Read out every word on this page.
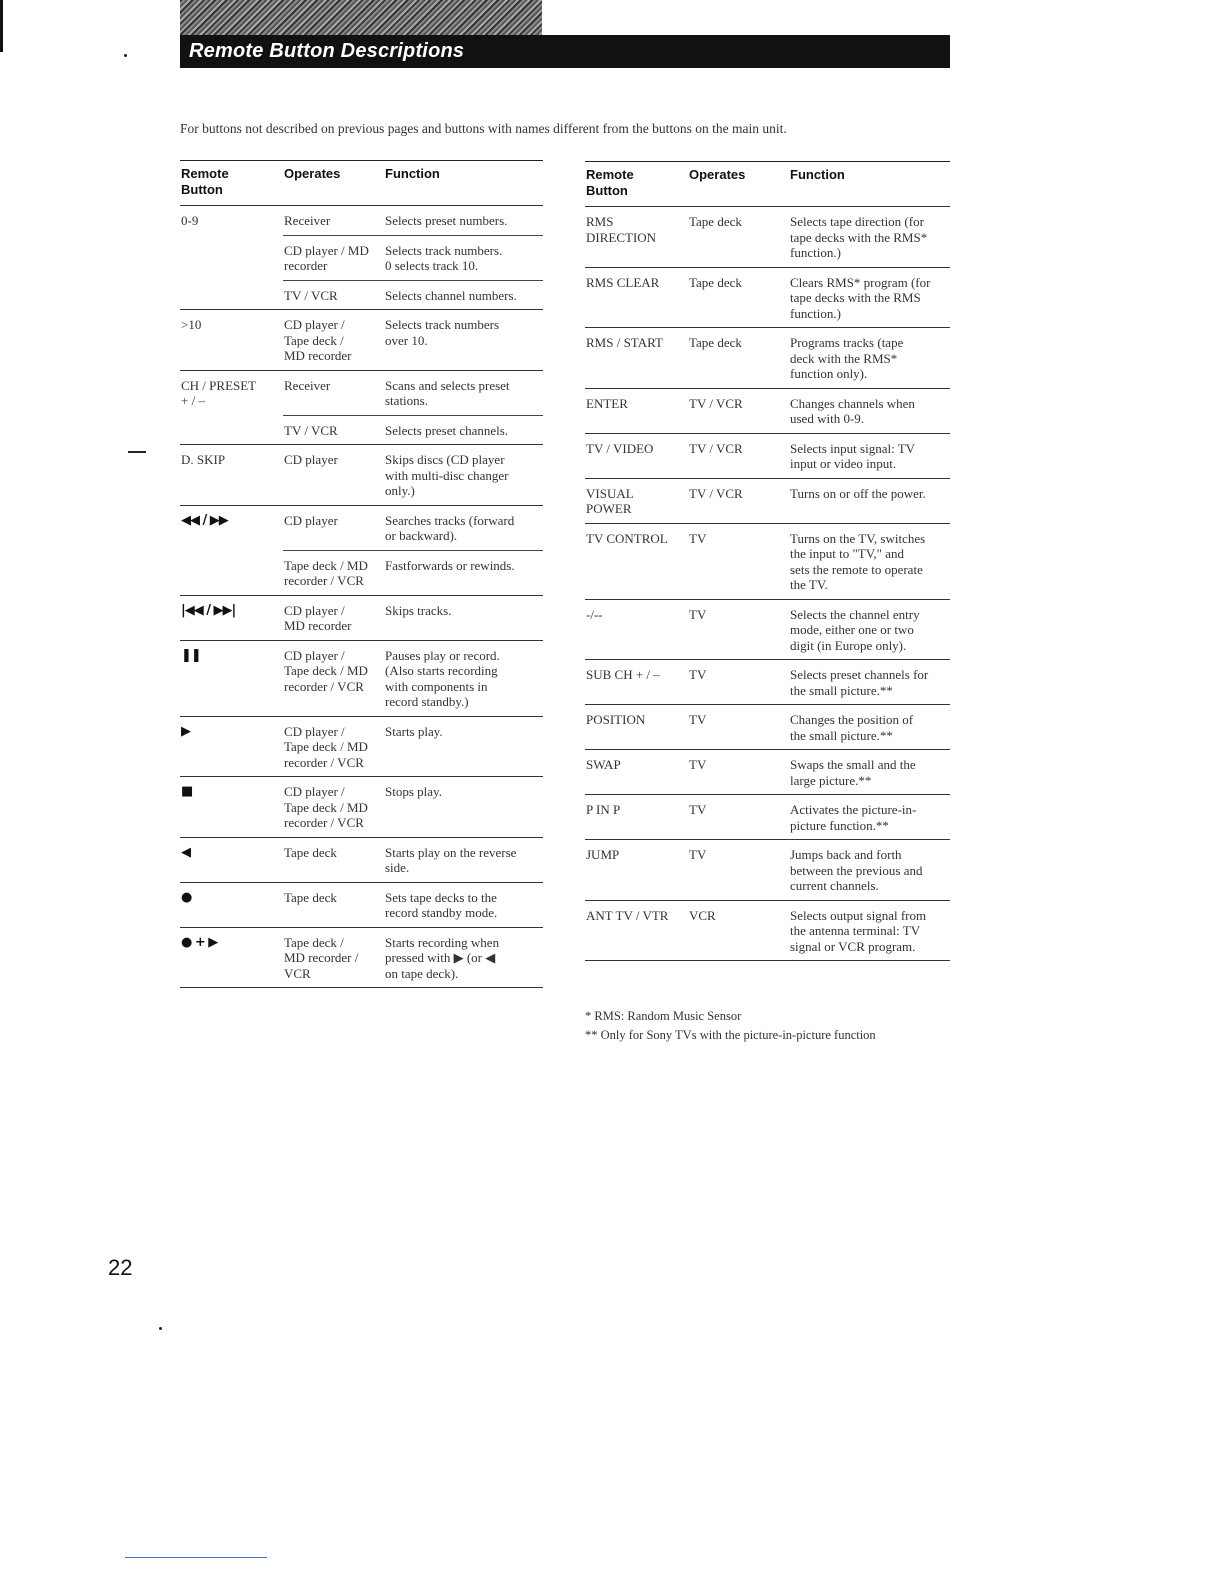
Remote Button Descriptions
For buttons not described on previous pages and buttons with names different from the buttons on the main unit.
Remote
Button	Operates	Function
0-9	Receiver	Selects preset numbers.
	CD player / MD
recorder	Selects track numbers.
0 selects track 10.
	TV / VCR	Selects channel numbers.
>10	CD player /
Tape deck /
MD recorder	Selects track numbers
over 10.
CH / PRESET
+ / –	Receiver	Scans and selects preset
stations.
	TV / VCR	Selects preset channels.
D. SKIP	CD player	Skips discs (CD player
with multi-disc changer
only.)
◀◀ / ▶▶	CD player	Searches tracks (forward
or backward).
	Tape deck / MD
recorder / VCR	Fastforwards or rewinds.
|◀◀ / ▶▶|	CD player /
MD recorder	Skips tracks.
❚❚	CD player /
Tape deck / MD
recorder / VCR	Pauses play or record.
(Also starts recording
with components in
record standby.)
▶	CD player /
Tape deck / MD
recorder / VCR	Starts play.
■	CD player /
Tape deck / MD
recorder / VCR	Stops play.
◀	Tape deck	Starts play on the reverse
side.
●	Tape deck	Sets tape decks to the
record standby mode.
● + ▶	Tape deck /
MD recorder /
VCR	Starts recording when
pressed with ▶ (or ◀
on tape deck).
Remote
Button	Operates	Function
RMS
DIRECTION	Tape deck	Selects tape direction (for
tape decks with the RMS*
function.)
RMS CLEAR	Tape deck	Clears RMS* program (for
tape decks with the RMS
function.)
RMS / START	Tape deck	Programs tracks (tape
deck with the RMS*
function only).
ENTER	TV / VCR	Changes channels when
used with 0-9.
TV / VIDEO	TV / VCR	Selects input signal: TV
input or video input.
VISUAL
POWER	TV / VCR	Turns on or off the power.
TV CONTROL	TV	Turns on the TV, switches
the input to "TV," and
sets the remote to operate
the TV.
-/--	TV	Selects the channel entry
mode, either one or two
digit (in Europe only).
SUB CH + / –	TV	Selects preset channels for
the small picture.**
POSITION	TV	Changes the position of
the small picture.**
SWAP	TV	Swaps the small and the
large picture.**
P IN P	TV	Activates the picture-in-
picture function.**
JUMP	TV	Jumps back and forth
between the previous and
current channels.
ANT TV / VTR	VCR	Selects output signal from
the antenna terminal: TV
signal or VCR program.
* RMS: Random Music Sensor
** Only for Sony TVs with the picture-in-picture function
22
